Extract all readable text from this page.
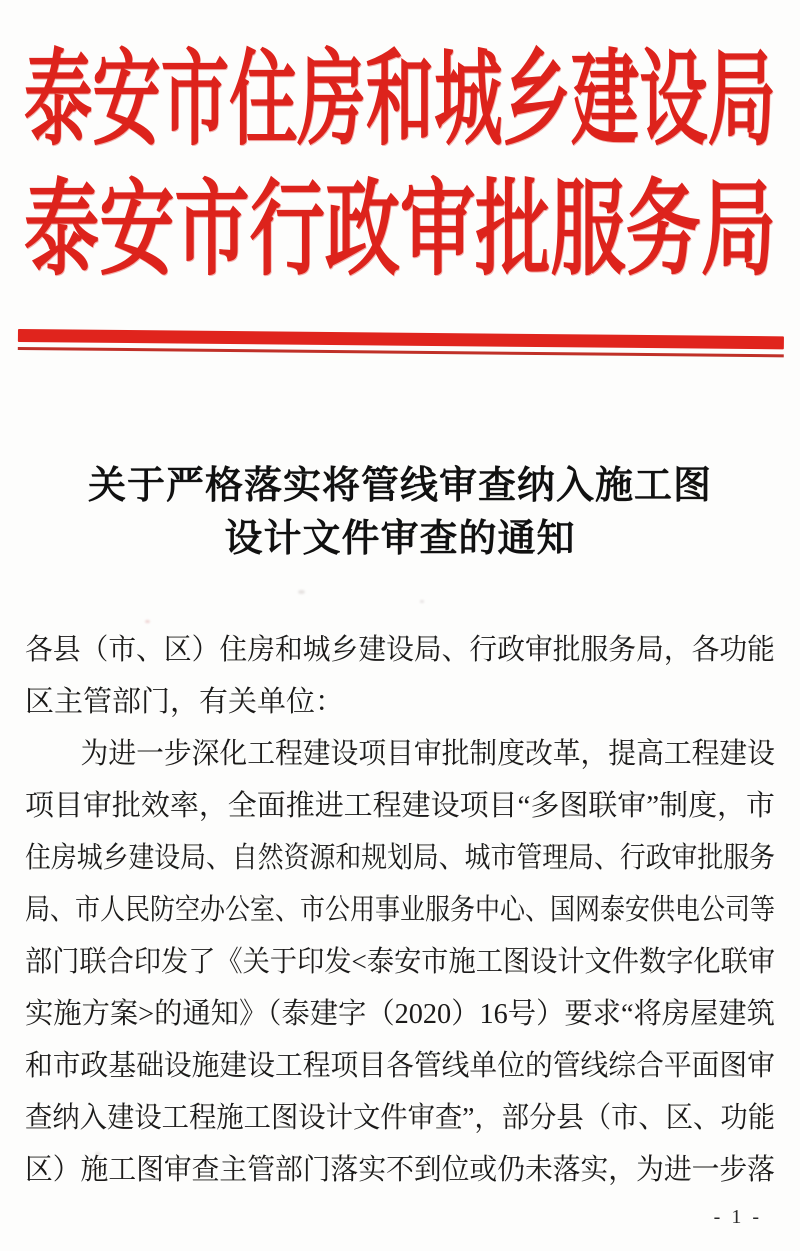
泰安市住房和城乡建设局
泰安市行政审批服务局
关于严格落实将管线审查纳入施工图
设计文件审查的通知
各县（市、区）住房和城乡建设局、行政审批服务局，各功能
区主管部门，有关单位：
　　为进一步深化工程建设项目审批制度改革，提高工程建设
项目审批效率，全面推进工程建设项目“多图联审”制度，市
住房城乡建设局、自然资源和规划局、城市管理局、行政审批服务
局、市人民防空办公室、市公用事业服务中心、国网泰安供电公司等
部门联合印发了《关于印发<泰安市施工图设计文件数字化联审
实施方案>的通知》（泰建字（2020）16号）要求“将房屋建筑
和市政基础设施建设工程项目各管线单位的管线综合平面图审
查纳入建设工程施工图设计文件审查”，部分县（市、区、功能
区）施工图审查主管部门落实不到位或仍未落实，为进一步落
- 1 -
